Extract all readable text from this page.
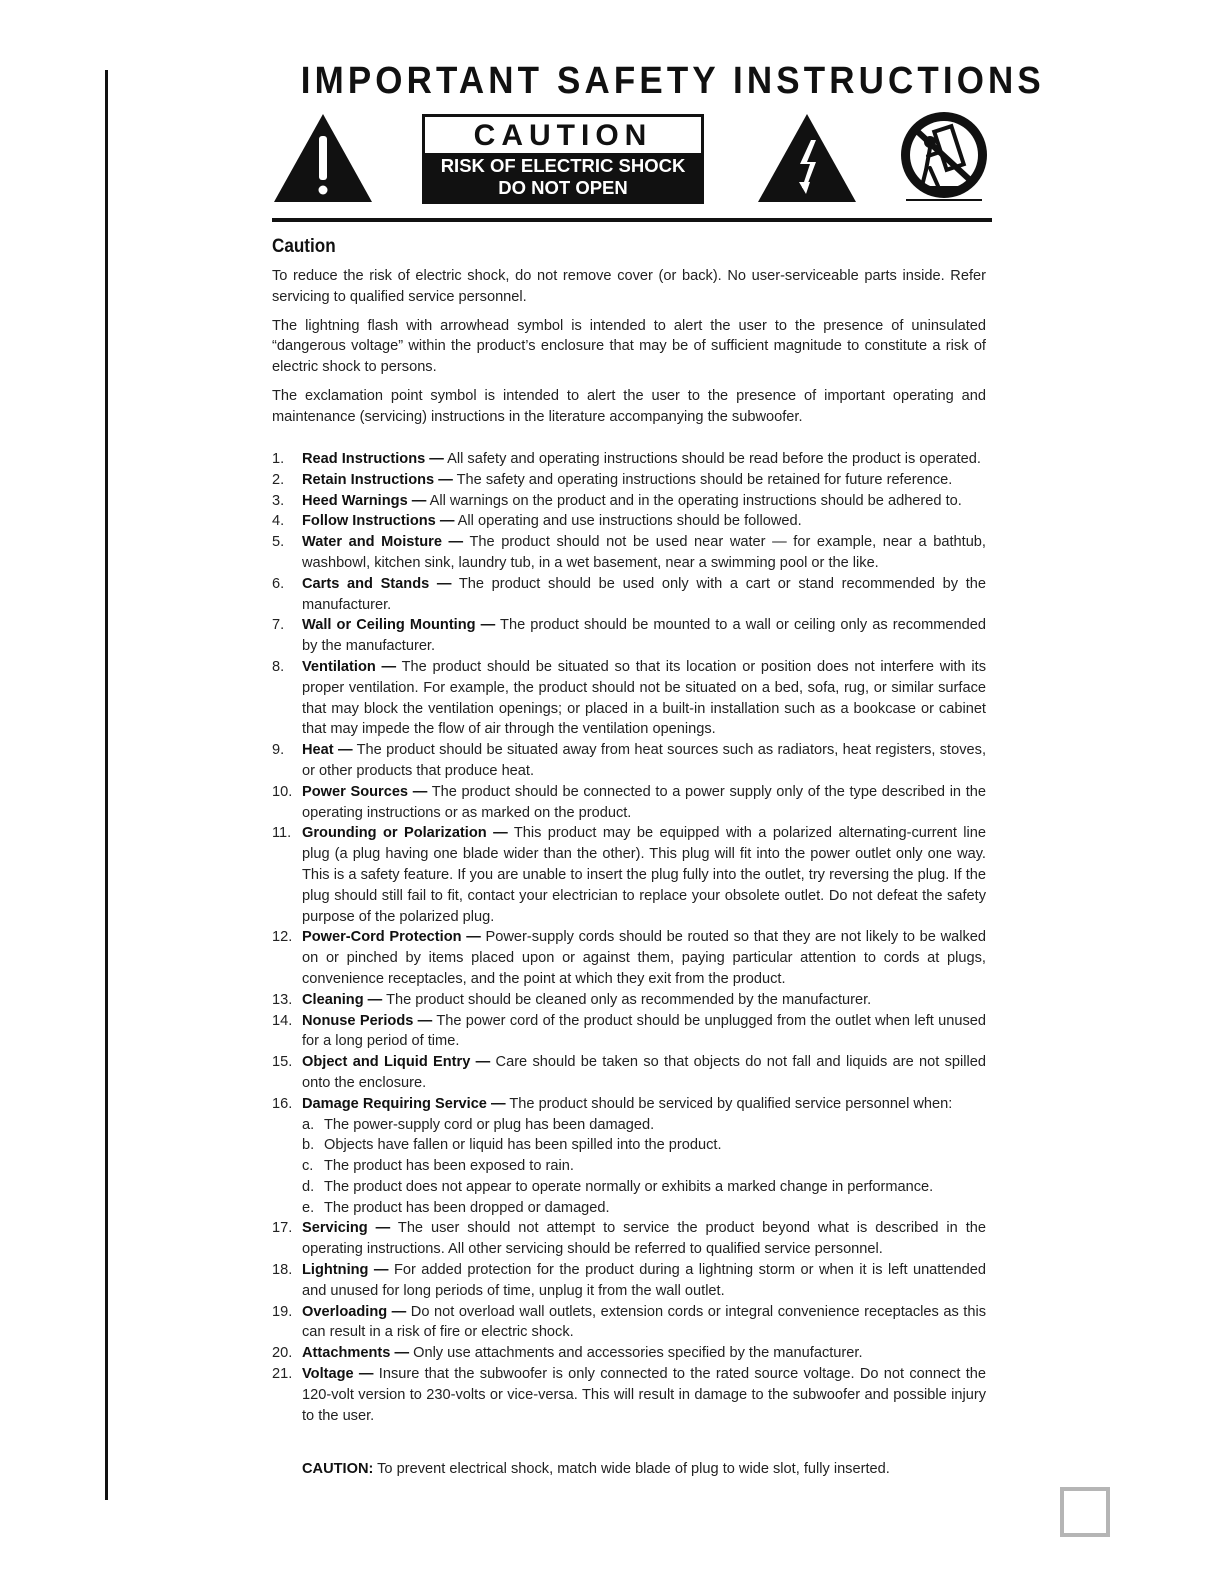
IMPORTANT SAFETY INSTRUCTIONS
CAUTION
RISK OF ELECTRIC SHOCK
DO NOT OPEN
Caution

To reduce the risk of electric shock, do not remove cover (or back). No user-serviceable parts inside. Refer servicing to qualified service personnel.

The lightning flash with arrowhead symbol is intended to alert the user to the presence of uninsulated “dangerous voltage” within the product’s enclosure that may be of sufficient magnitude to constitute a risk of electric shock to persons.

The exclamation point symbol is intended to alert the user to the presence of important operating and maintenance (servicing) instructions in the literature accompanying the subwoofer.

1. Read Instructions — All safety and operating instructions should be read before the product is operated.
2. Retain Instructions — The safety and operating instructions should be retained for future reference.
3. Heed Warnings — All warnings on the product and in the operating instructions should be adhered to.
4. Follow Instructions — All operating and use instructions should be followed.
5. Water and Moisture — The product should not be used near water — for example, near a bathtub, washbowl, kitchen sink, laundry tub, in a wet basement, near a swimming pool or the like.
6. Carts and Stands — The product should be used only with a cart or stand recommended by the manufacturer.
7. Wall or Ceiling Mounting — The product should be mounted to a wall or ceiling only as recommended by the manufacturer.
8. Ventilation — The product should be situated so that its location or position does not interfere with its proper ventilation. For example, the product should not be situated on a bed, sofa, rug, or similar surface that may block the ventilation openings; or placed in a built-in installation such as a bookcase or cabinet that may impede the flow of air through the ventilation openings.
9. Heat — The product should be situated away from heat sources such as radiators, heat registers, stoves, or other products that produce heat.
10. Power Sources — The product should be connected to a power supply only of the type described in the operating instructions or as marked on the product.
11. Grounding or Polarization — This product may be equipped with a polarized alternating-current line plug (a plug having one blade wider than the other). This plug will fit into the power outlet only one way. This is a safety feature. If you are unable to insert the plug fully into the outlet, try reversing the plug. If the plug should still fail to fit, contact your electrician to replace your obsolete outlet. Do not defeat the safety purpose of the polarized plug.
12. Power-Cord Protection — Power-supply cords should be routed so that they are not likely to be walked on or pinched by items placed upon or against them, paying particular attention to cords at plugs, convenience receptacles, and the point at which they exit from the product.
13. Cleaning — The product should be cleaned only as recommended by the manufacturer.
14. Nonuse Periods — The power cord of the product should be unplugged from the outlet when left unused for a long period of time.
15. Object and Liquid Entry — Care should be taken so that objects do not fall and liquids are not spilled onto the enclosure.
16. Damage Requiring Service — The product should be serviced by qualified service personnel when:
a. The power-supply cord or plug has been damaged.
b. Objects have fallen or liquid has been spilled into the product.
c. The product has been exposed to rain.
d. The product does not appear to operate normally or exhibits a marked change in performance.
e. The product has been dropped or damaged.
17. Servicing — The user should not attempt to service the product beyond what is described in the operating instructions. All other servicing should be referred to qualified service personnel.
18. Lightning — For added protection for the product during a lightning storm or when it is left unattended and unused for long periods of time, unplug it from the wall outlet.
19. Overloading — Do not overload wall outlets, extension cords or integral convenience receptacles as this can result in a risk of fire or electric shock.
20. Attachments — Only use attachments and accessories specified by the manufacturer.
21. Voltage — Insure that the subwoofer is only connected to the rated source voltage. Do not connect the 120-volt version to 230-volts or vice-versa. This will result in damage to the subwoofer and possible injury to the user.
CAUTION: To prevent electrical shock, match wide blade of plug to wide slot, fully inserted.
